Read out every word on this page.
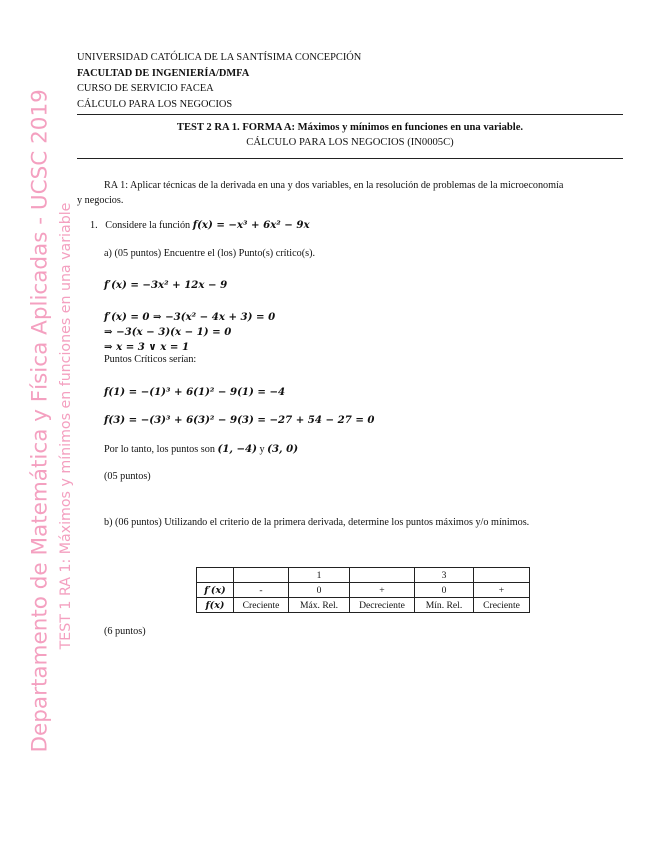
Departamento de Matemática y Física Aplicadas - UCSC 2019 TEST 1 RA 1: Máximos y mínimos en funciones en una variable
UNIVERSIDAD CATÓLICA DE LA SANTÍSIMA CONCEPCIÓN
FACULTAD DE INGENIERÍA/DMFA
CURSO DE SERVICIO FACEA
CÁLCULO PARA LOS NEGOCIOS
TEST 2 RA 1. FORMA A: Máximos y mínimos en funciones en una variable.
CÁLCULO PARA LOS NEGOCIOS (IN0005C)
RA 1: Aplicar técnicas de la derivada en una y dos variables, en la resolución de problemas de la microeconomía
y negocios.
1. Considere la función f(x) = −x³ + 6x² − 9x
a) (05 puntos) Encuentre el (los) Punto(s) crítico(s).
f′(x) = −3x² + 12x − 9
f′(x) = 0 ⇒ −3(x² − 4x + 3) = 0
⇒ −3(x − 3)(x − 1) = 0
⇒ x = 3 ∨ x = 1
Puntos Críticos serían:
f(1) = −(1)³ + 6(1)² − 9(1) = −4
f(3) = −(3)³ + 6(3)² − 9(3) = −27 + 54 − 27 = 0
Por lo tanto, los puntos son (1, −4) y (3, 0)
(05 puntos)
b) (06 puntos) Utilizando el criterio de la primera derivada, determine los puntos máximos y/o mínimos.
		1		3	
f′(x)	-	0	+	0	+
f(x)	Creciente	Máx. Rel.	Decreciente	Mín. Rel.	Creciente
(6 puntos)
